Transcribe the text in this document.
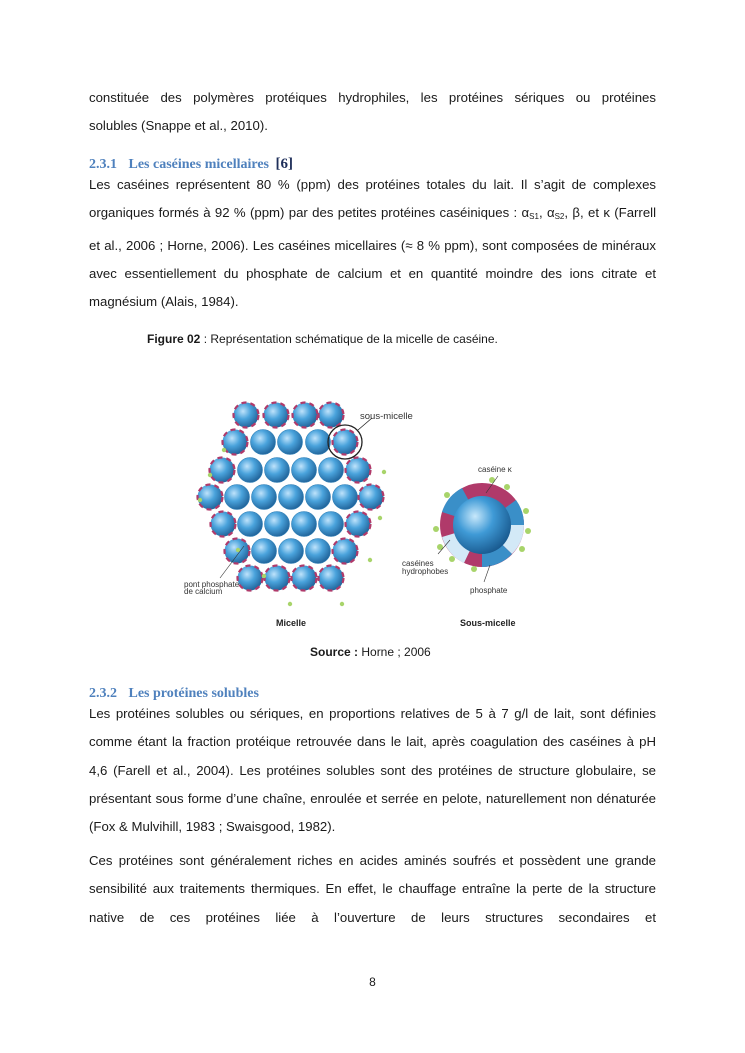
constituée des polymères protéiques hydrophiles, les protéines sériques ou protéines
solubles (Snappe et al., 2010).
2.3.1 Les caséines micellaires [6]
Les caséines représentent 80 % (ppm) des protéines totales du lait. Il s’agit de complexes organiques formés à 92 % (ppm) par des petites protéines caséiniques : $\alpha_{S1}$, $\alpha_{S2}$, β, et κ (Farrell et al., 2006 ; Horne, 2006). Les caséines micellaires (≈ 8 % ppm), sont composées de minéraux avec essentiellement du phosphate de calcium et en quantité moindre des ions citrate et magnésium (Alais, 1984).
Figure 02 : Représentation schématique de la micelle de caséine.
sous-micelle
pont phosphate
de calcium
caséine κ
caséines
hydrophobes
phosphate
Micelle	Sous-micelle
Source : Horne ; 2006
2.3.2 Les protéines solubles
Les protéines solubles ou sériques, en proportions relatives de 5 à 7 g/l de lait, sont définies comme étant la fraction protéique retrouvée dans le lait, après coagulation des caséines à pH 4,6 (Farell et al., 2004). Les protéines solubles sont des protéines de structure globulaire, se présentant sous forme d’une chaîne, enroulée et serrée en pelote, naturellement non dénaturée (Fox & Mulvihill, 1983 ; Swaisgood, 1982).
Ces protéines sont généralement riches en acides aminés soufrés et possèdent une grande sensibilité aux traitements thermiques. En effet, le chauffage entraîne la perte de la structure native de ces protéines liée à l’ouverture de leurs structures secondaires et
8
